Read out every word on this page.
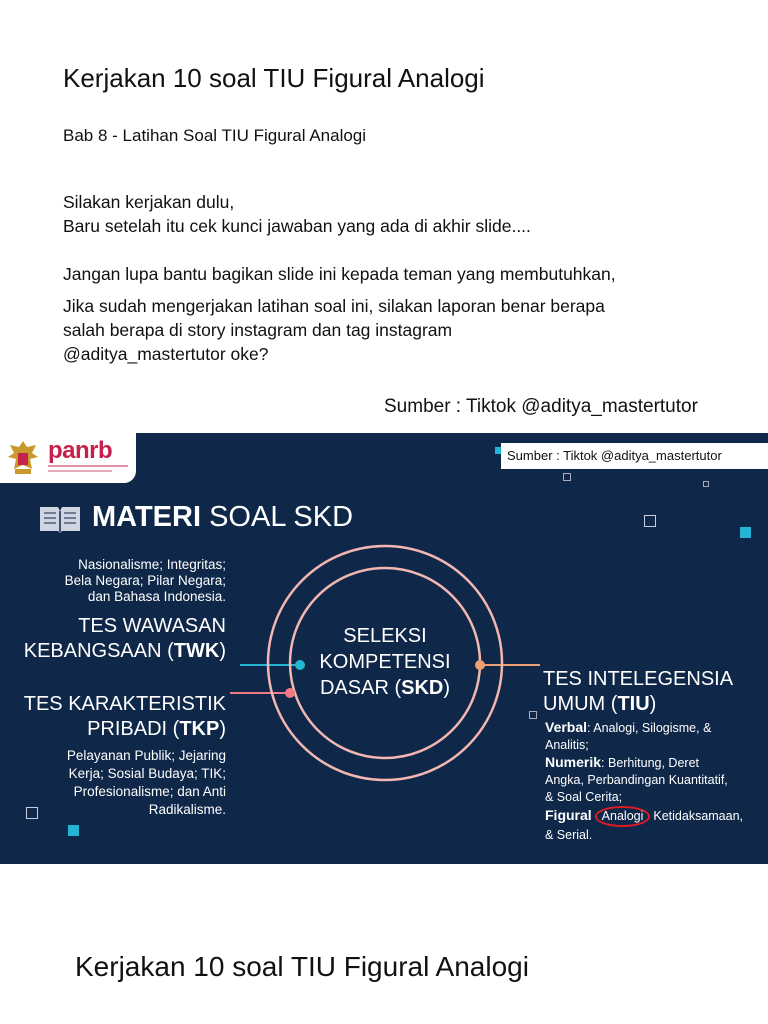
Kerjakan 10 soal TIU Figural Analogi
Bab 8 - Latihan Soal TIU Figural Analogi
Silakan kerjakan dulu,
Baru setelah itu cek kunci jawaban yang ada di akhir slide....
Jangan lupa bantu bagikan slide ini kepada teman yang membutuhkan,
Jika sudah mengerjakan latihan soal ini, silakan laporan benar berapa
salah berapa di story instagram dan tag instagram
@aditya_mastertutor oke?
Sumber : Tiktok @aditya_mastertutor
panrb	Sumber : Tiktok @aditya_mastertutor
MATERI SOAL SKD
SELEKSI
KOMPETENSI
DASAR (SKD)
Nasionalisme; Integritas;
Bela Negara; Pilar Negara;
dan Bahasa Indonesia.
TES WAWASAN
KEBANGSAAN (TWK)
TES KARAKTERISTIK
PRIBADI (TKP)
Pelayanan Publik; Jejaring
Kerja; Sosial Budaya; TIK;
Profesionalisme; dan Anti
Radikalisme.
TES INTELEGENSIA
UMUM (TIU)
Verbal: Analogi, Silogisme, &
Analitis;
Numerik: Berhitung, Deret
Angka, Perbandingan Kuantitatif,
& Soal Cerita;
Figural Analogi Ketidaksamaan,
& Serial.
Kerjakan 10 soal TIU Figural Analogi
